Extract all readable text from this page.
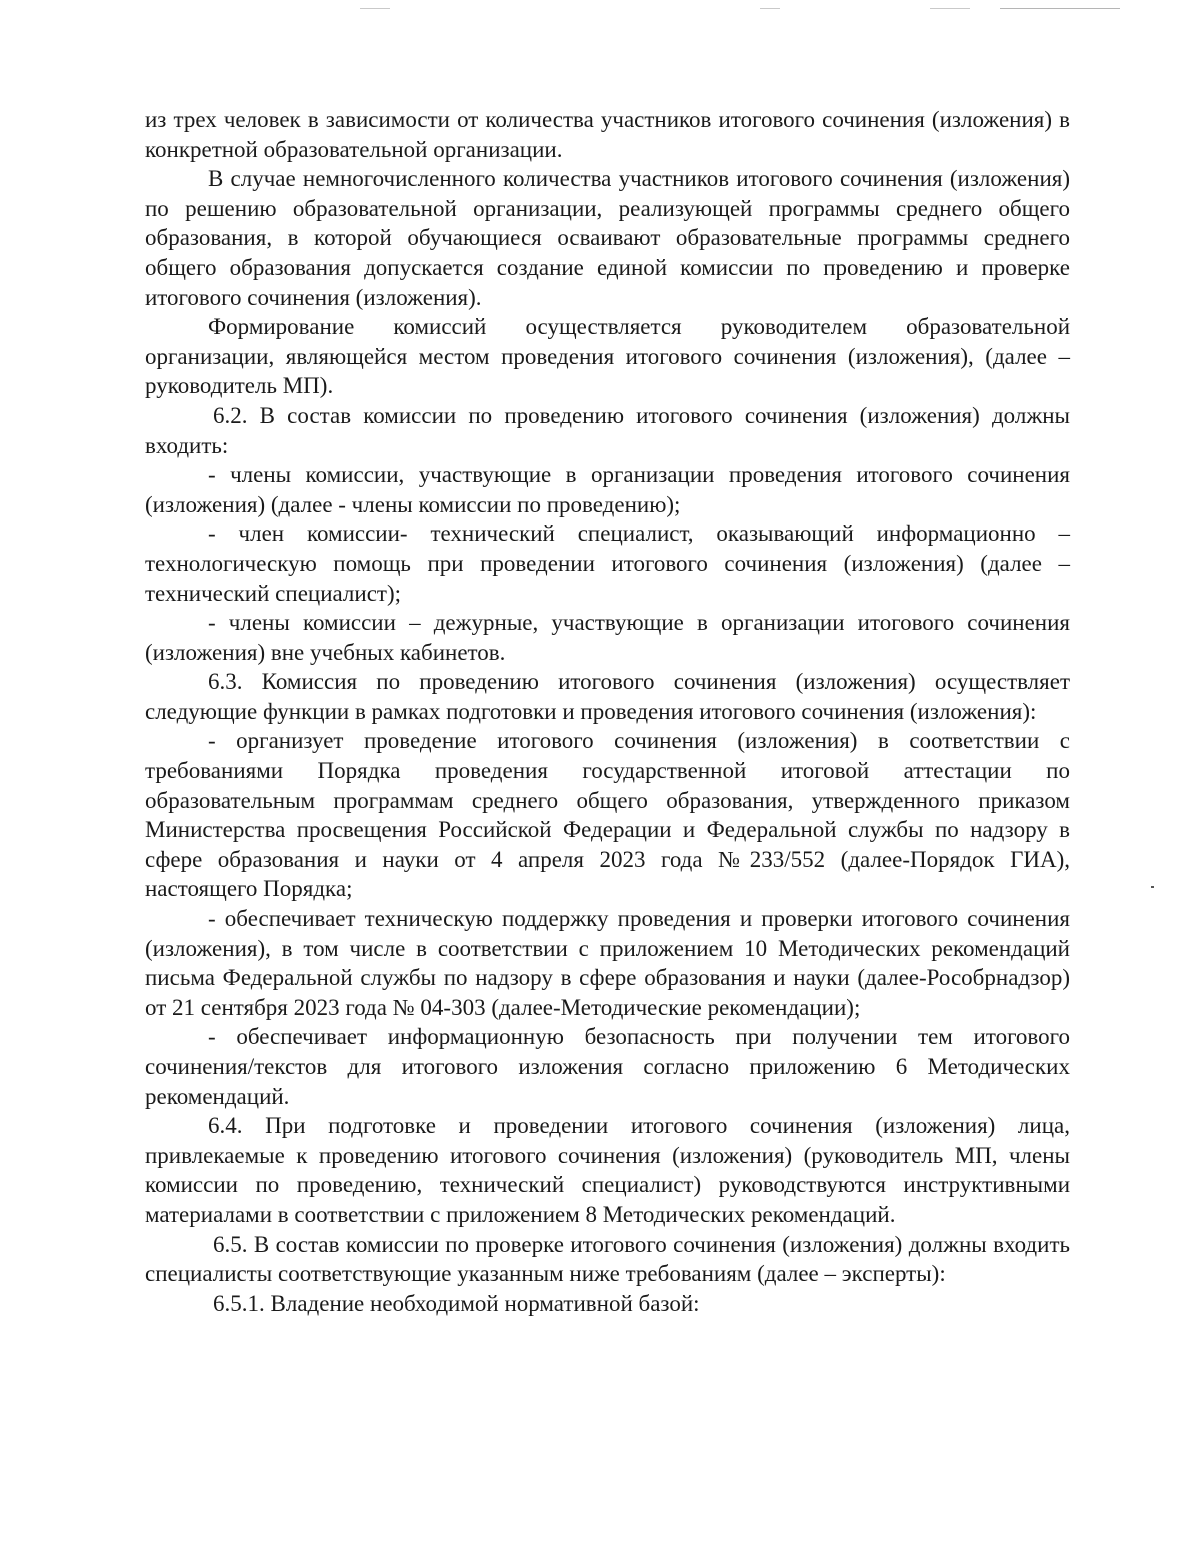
из трех человек в зависимости от количества участников итогового сочинения (изложения) в конкретной образовательной организации.

В случае немногочисленного количества участников итогового сочинения (изложения) по решению образовательной организации, реализующей программы среднего общего образования, в которой обучающиеся осваивают образовательные программы среднего общего образования допускается создание единой комиссии по проведению и проверке итогового сочинения (изложения).

Формирование комиссий осуществляется руководителем образовательной организации, являющейся местом проведения итогового сочинения (изложения), (далее – руководитель МП).

6.2. В состав комиссии по проведению итогового сочинения (изложения) должны входить:

- члены комиссии, участвующие в организации проведения итогового сочинения (изложения) (далее - члены комиссии по проведению);

- член комиссии- технический специалист, оказывающий информационно – технологическую помощь при проведении итогового сочинения (изложения) (далее – технический специалист);

- члены комиссии – дежурные, участвующие в организации итогового сочинения (изложения) вне учебных кабинетов.

6.3. Комиссия по проведению итогового сочинения (изложения) осуществляет следующие функции в рамках подготовки и проведения итогового сочинения (изложения):

- организует проведение итогового сочинения (изложения) в соответствии с требованиями Порядка проведения государственной итоговой аттестации по образовательным программам среднего общего образования, утвержденного приказом Министерства просвещения Российской Федерации и Федеральной службы по надзору в сфере образования и науки от 4 апреля 2023 года №233/552 (далее-Порядок ГИА), настоящего Порядка;

- обеспечивает техническую поддержку проведения и проверки итогового сочинения (изложения), в том числе в соответствии с приложением 10 Методических рекомендаций письма Федеральной службы по надзору в сфере образования и науки (далее-Рособрнадзор) от 21 сентября 2023 года № 04-303 (далее-Методические рекомендации);

- обеспечивает информационную безопасность при получении тем итогового сочинения/текстов для итогового изложения согласно приложению 6 Методических рекомендаций.

6.4. При подготовке и проведении итогового сочинения (изложения) лица, привлекаемые к проведению итогового сочинения (изложения) (руководитель МП, члены комиссии по проведению, технический специалист) руководствуются инструктивными материалами в соответствии с приложением 8 Методических рекомендаций.

6.5. В состав комиссии по проверке итогового сочинения (изложения) должны входить специалисты соответствующие указанным ниже требованиям (далее – эксперты):

6.5.1. Владение необходимой нормативной базой:
